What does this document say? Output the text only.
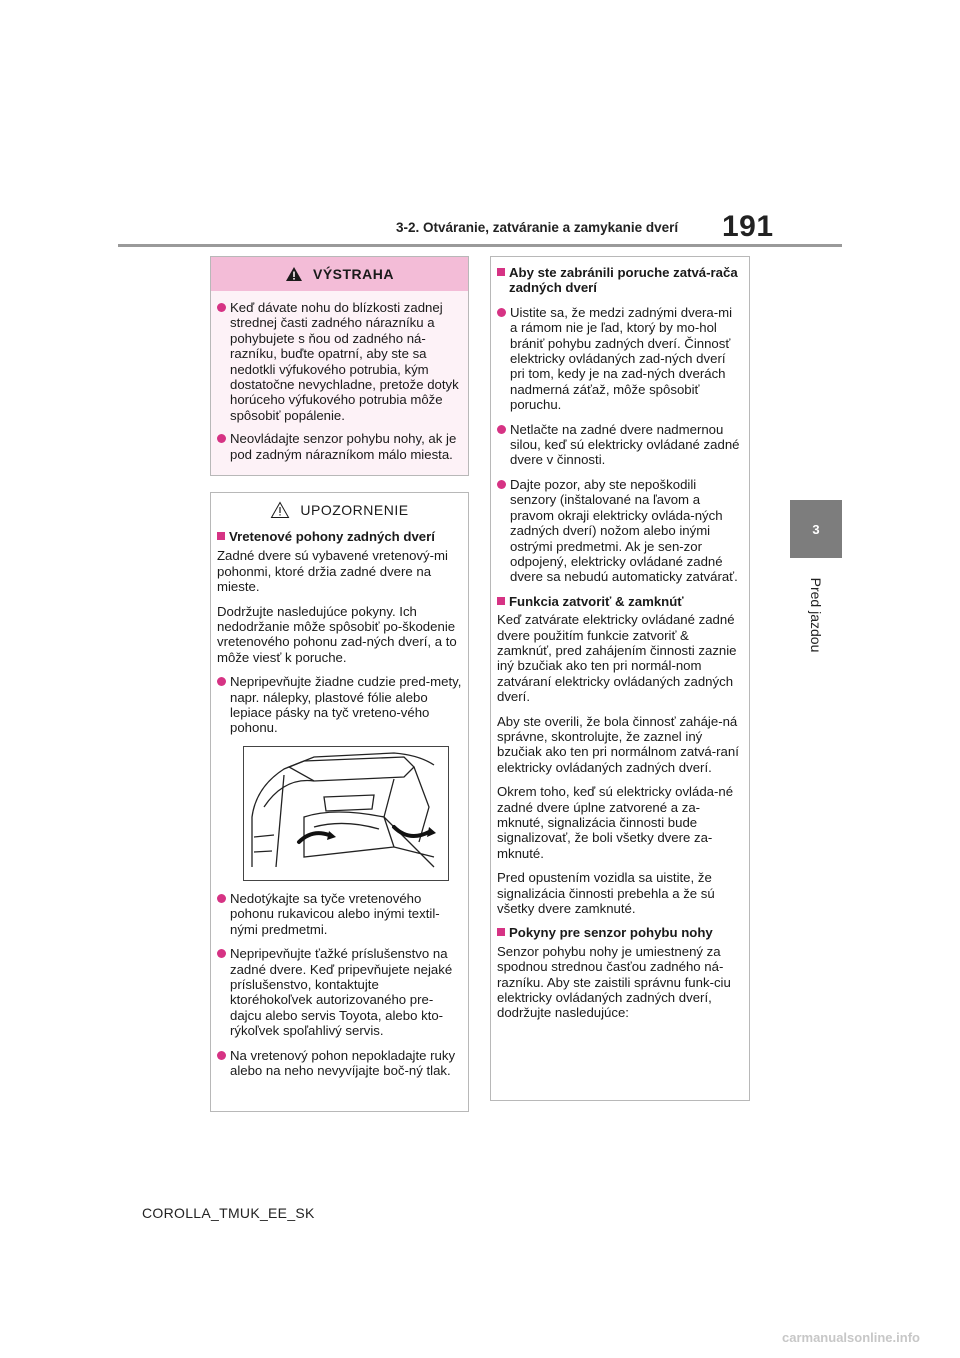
3-2. Otváranie, zatváranie a zamykanie dverí 191
3
Pred jazdou
VÝSTRAHA
Keď dávate nohu do blízkosti zadnej strednej časti zadného nárazníku a pohybujete s ňou od zadného ná-razníku, buďte opatrní, aby ste sa nedotkli výfukového potrubia, kým dostatočne nevychladne, pretože dotyk horúceho výfukového potrubia môže spôsobiť popálenie.
Neovládajte senzor pohybu nohy, ak je pod zadným nárazníkom málo miesta.
UPOZORNENIE
Vretenové pohony zadných dverí
Zadné dvere sú vybavené vretenový-mi pohonmi, ktoré držia zadné dvere na mieste.
Dodržujte nasledujúce pokyny. Ich nedodržanie môže spôsobiť po-škodenie vretenového pohonu zad-ných dverí, a to môže viesť k poruche.
Nepripevňujte žiadne cudzie pred-mety, napr. nálepky, plastové fólie alebo lepiace pásky na tyč vreteno-vého pohonu.
Nedotýkajte sa tyče vretenového pohonu rukavicou alebo inými textil-nými predmetmi.
Nepripevňujte ťažké príslušenstvo na zadné dvere. Keď pripevňujete nejaké príslušenstvo, kontaktujte ktoréhokoľvek autorizovaného pre-dajcu alebo servis Toyota, alebo kto-rýkoľvek spoľahlivý servis.
Na vretenový pohon nepokladajte ruky alebo na neho nevyvíjajte boč-ný tlak.
Aby ste zabránili poruche zatvá-rača zadných dverí
Uistite sa, že medzi zadnými dvera-mi a rámom nie je ľad, ktorý by mo-hol brániť pohybu zadných dverí. Činnosť elektricky ovládaných zad-ných dverí pri tom, kedy je na zad-ných dverách nadmerná záťaž, môže spôsobiť poruchu.
Netlačte na zadné dvere nadmernou silou, keď sú elektricky ovládané zadné dvere v činnosti.
Dajte pozor, aby ste nepoškodili senzory (inštalované na ľavom a pravom okraji elektricky ovláda-ných zadných dverí) nožom alebo inými ostrými predmetmi. Ak je sen-zor odpojený, elektricky ovládané zadné dvere sa nebudú automaticky zatvárať.
Funkcia zatvoriť & zamknúť
Keď zatvárate elektricky ovládané zadné dvere použitím funkcie zatvoriť & zamknúť, pred zahájením činnosti zaznie iný bzučiak ako ten pri normál-nom zatváraní elektricky ovládaných zadných dverí.
Aby ste overili, že bola činnosť zaháje-ná správne, skontrolujte, že zaznel iný bzučiak ako ten pri normálnom zatvá-raní elektricky ovládaných zadných dverí.
Okrem toho, keď sú elektricky ovláda-né zadné dvere úplne zatvorené a za-mknuté, signalizácia činnosti bude signalizovať, že boli všetky dvere za-mknuté.
Pred opustením vozidla sa uistite, že signalizácia činnosti prebehla a že sú všetky dvere zamknuté.
Pokyny pre senzor pohybu nohy
Senzor pohybu nohy je umiestnený za spodnou strednou časťou zadného ná-razníku. Aby ste zaistili správnu funk-ciu elektricky ovládaných zadných dverí, dodržujte nasledujúce:
COROLLA_TMUK_EE_SK
carmanualsonline.info
